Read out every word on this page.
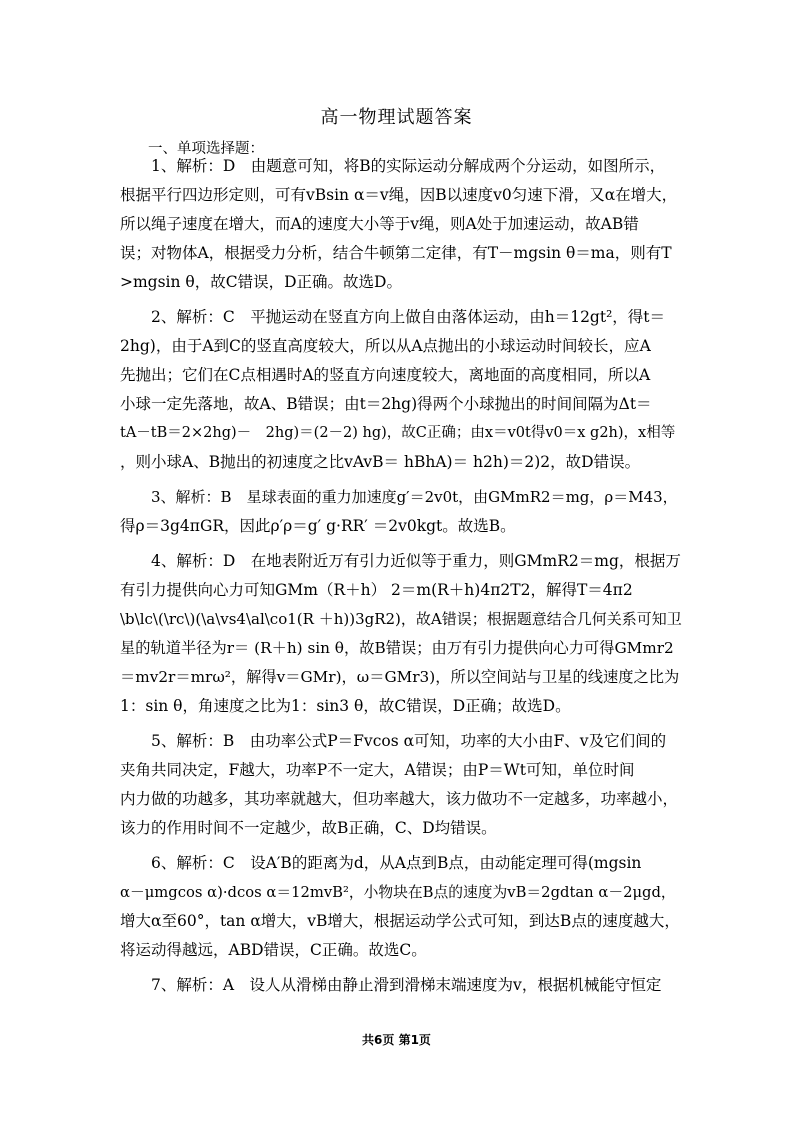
高一物理试题答案
一、单项选择题：
1、解析：D　由题意可知，将B的实际运动分解成两个分运动，如图所示，
根据平行四边形定则，可有vBsin α＝v绳，因B以速度v0匀速下滑，又α在增大，
所以绳子速度在增大，而A的速度大小等于v绳，则A处于加速运动，故AB错
误；对物体A，根据受力分析，结合牛顿第二定律，有T－mgsin θ＝ma，则有T
>mgsin θ，故C错误，D正确。故选D。
2、解析：C　平抛运动在竖直方向上做自由落体运动，由h＝12gt²，得t＝
2hg)，由于A到C的竖直高度较大，所以从A点抛出的小球运动时间较长，应A
先抛出；它们在C点相遇时A的竖直方向速度较大，离地面的高度相同，所以A
小球一定先落地，故A、B错误；由t＝2hg)得两个小球抛出的时间间隔为Δt＝
tA－tB＝2×2hg)－　2hg)＝(2－2) hg)，故C正确；由x＝v0t得v0＝x g2h)，x相等
，则小球A、B抛出的初速度之比vAvB＝ hBhA)＝ h2h)＝2)2，故D错误。
3、解析：B　星球表面的重力加速度g′＝2v0t，由GMmR2＝mg，ρ＝M43，
得ρ＝3g4πGR，因此ρ′ρ＝g′ g·RR′ ＝2v0kgt。故选B。
4、解析：D　在地表附近万有引力近似等于重力，则GMmR2＝mg，根据万
有引力提供向心力可知GMm（R＋h） 2＝m(R＋h)4π2T2，解得T＝4π2
\b\lc\(\rc\)(\a\vs4\al\co1(R ＋h))3gR2)，故A错误；根据题意结合几何关系可知卫
星的轨道半径为r＝ (R＋h) sin θ，故B错误；由万有引力提供向心力可得GMmr2
＝mv2r＝mrω²，解得v＝GMr)，ω＝GMr3)，所以空间站与卫星的线速度之比为
1：sin θ，角速度之比为1：sin3 θ，故C错误，D正确；故选D。
5、解析：B　由功率公式P＝Fvcos α可知，功率的大小由F、v及它们间的
夹角共同决定，F越大，功率P不一定大，A错误；由P＝Wt可知，单位时间
内力做的功越多，其功率就越大，但功率越大，该力做功不一定越多，功率越小，
该力的作用时间不一定越少，故B正确，C、D均错误。
6、解析：C　设A′B的距离为d，从A点到B点，由动能定理可得(mgsin
α－μmgcos α)·dcos α＝12mvB²，小物块在B点的速度为vB＝2gdtan α－2μgd，
增大α至60°，tan α增大，vB增大，根据运动学公式可知，到达B点的速度越大，
将运动得越远，ABD错误，C正确。故选C。
7、解析：A　设人从滑梯由静止滑到滑梯末端速度为v，根据机械能守恒定
共6页 第1页
